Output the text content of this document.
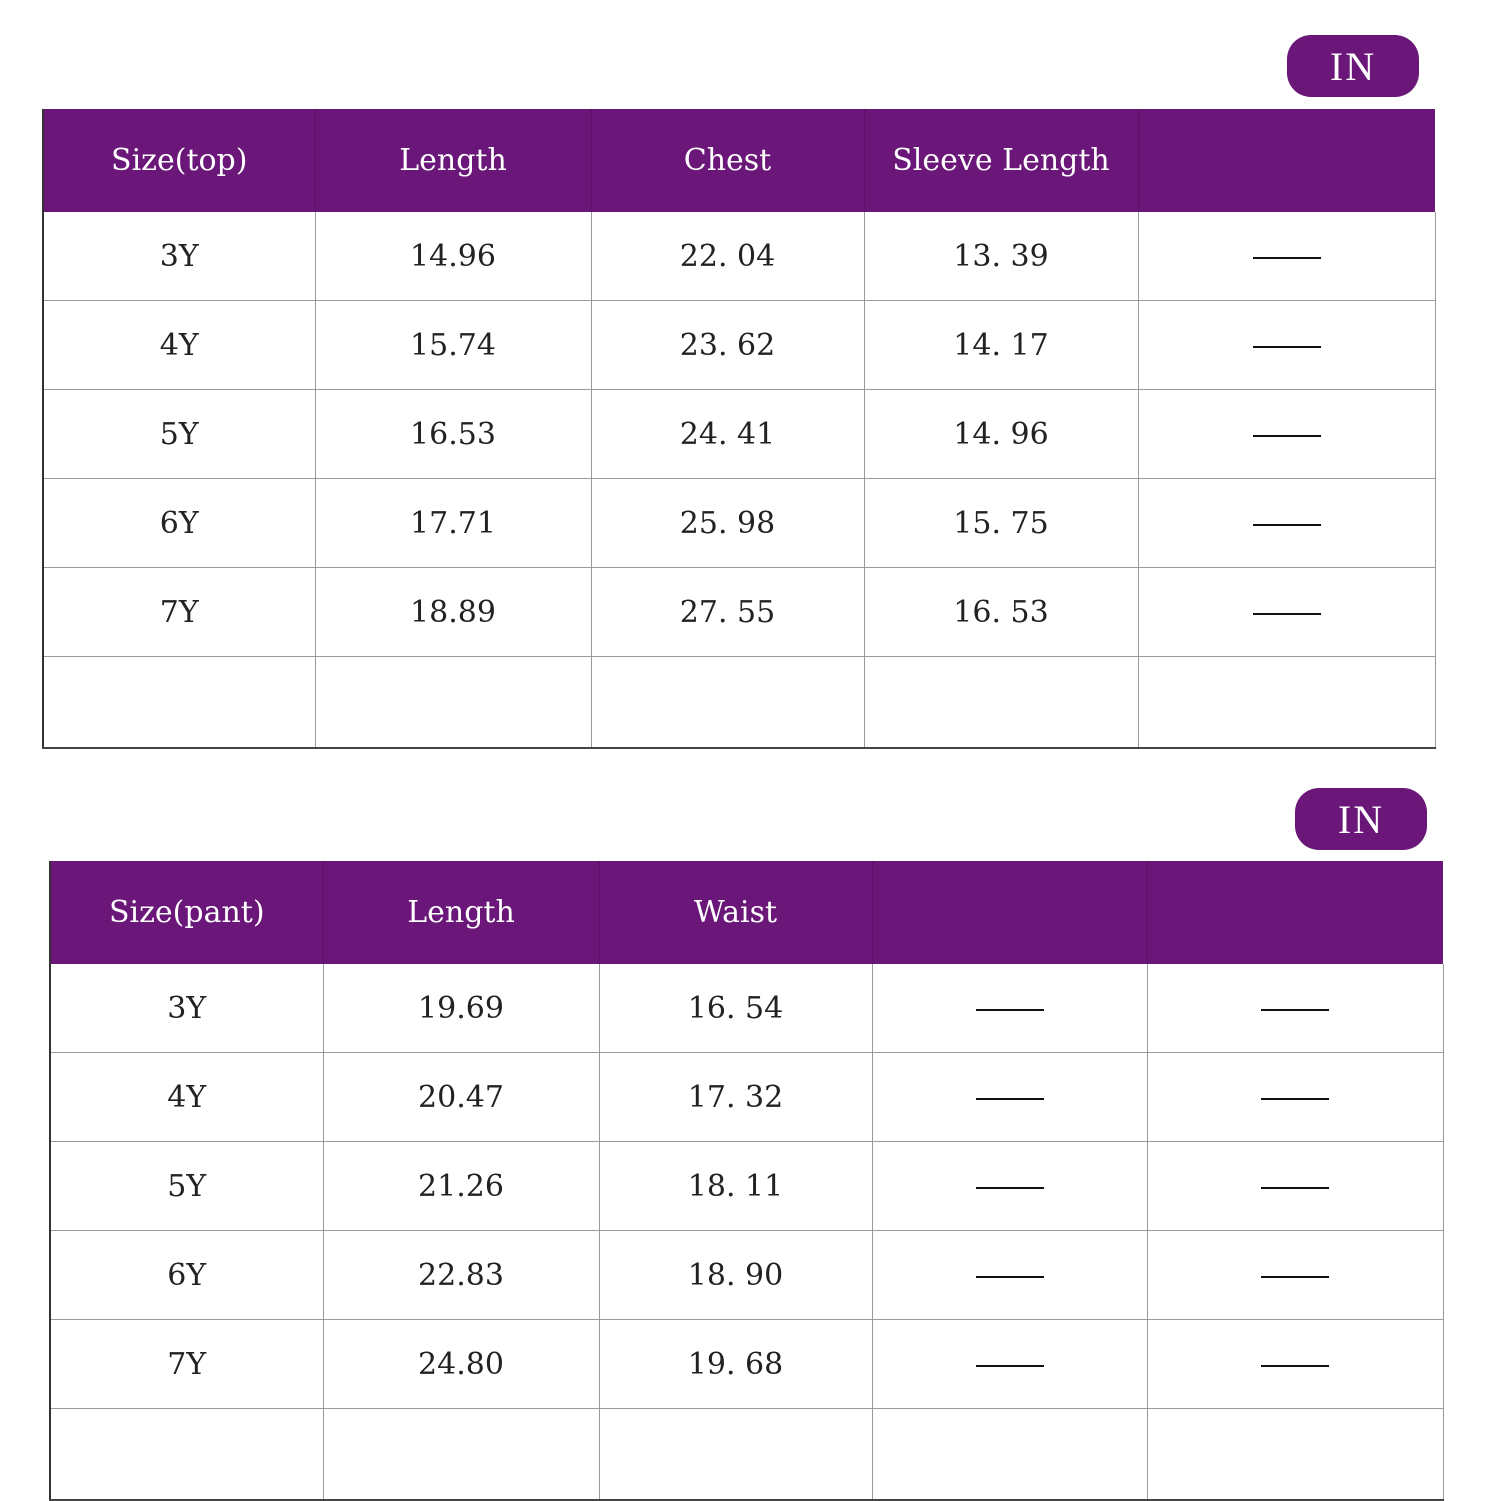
IN
Size(top)	Length	Chest	Sleeve Length	
3Y	14.96	22. 04	13. 39	
4Y	15.74	23. 62	14. 17	
5Y	16.53	24. 41	14. 96	
6Y	17.71	25. 98	15. 75	
7Y	18.89	27. 55	16. 53	

IN
Size(pant)	Length	Waist		
3Y	19.69	16. 54		
4Y	20.47	17. 32		
5Y	21.26	18. 11		
6Y	22.83	18. 90		
7Y	24.80	19. 68		
